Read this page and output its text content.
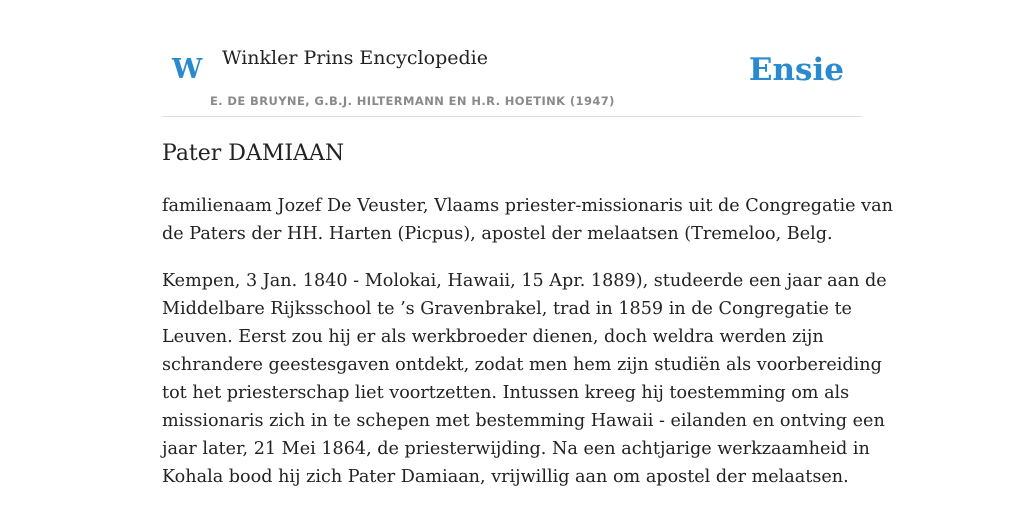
W Winkler Prins Encyclopedie
E. DE BRUYNE, G.B.J. HILTERMANN EN H.R. HOETINK (1947)
Ensie
Pater DAMIAAN

familienaam Jozef De Veuster, Vlaams priester-missionaris uit de Congregatie van
de Paters der HH. Harten (Picpus), apostel der melaatsen (Tremeloo, Belg.

Kempen, 3 Jan. 1840 - Molokai, Hawaii, 15 Apr. 1889), studeerde een jaar aan de
Middelbare Rijksschool te ’s Gravenbrakel, trad in 1859 in de Congregatie te
Leuven. Eerst zou hij er als werkbroeder dienen, doch weldra werden zijn
schrandere geestesgaven ontdekt, zodat men hem zijn studiën als voorbereiding
tot het priesterschap liet voortzetten. Intussen kreeg hij toestemming om als
missionaris zich in te schepen met bestemming Hawaii - eilanden en ontving een
jaar later, 21 Mei 1864, de priesterwijding. Na een achtjarige werkzaamheid in
Kohala bood hij zich Pater Damiaan, vrijwillig aan om apostel der melaatsen.
